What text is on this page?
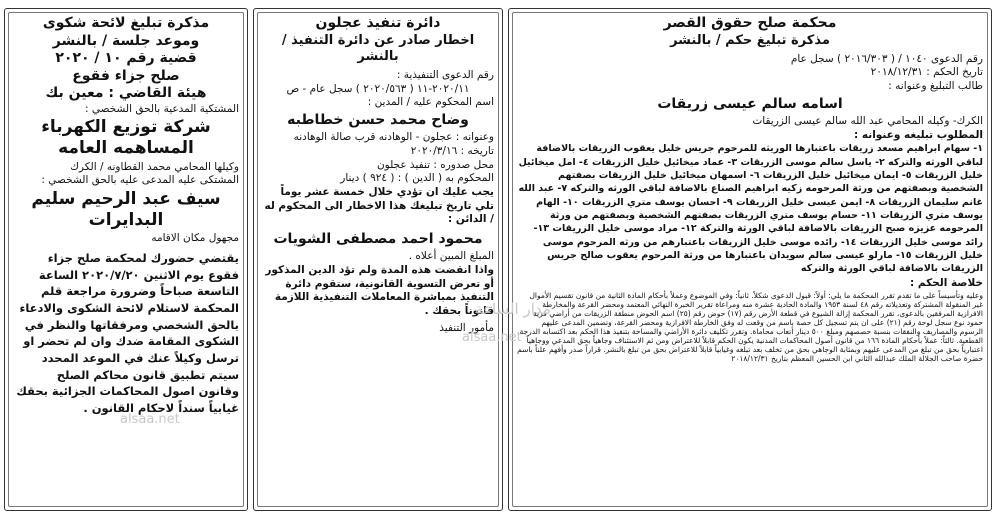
محكمة صلح حقوق القصر

مذكرة تبليغ حكم / بالنشر

رقم الدعوى ١٠٤٠ / ( ٢٠١٦/٣٠٣ ) سجل عام

تاريخ الحكم : ٢٠١٨/١٢/٣١

طالب التبليغ وعنوانه :

اسامه سالم عيسى زريقات

الكرك- وكيله المحامي عبد الله سالم عيسى الزريقات

المطلوب تبليغه وعنوانه :

١- سهام ابراهيم مسعد زريقات باعتبارها الوريثه للمرحوم جريس خليل يعقوب الزريقات بالاضافة لباقي الورثه والتركه ٢- ياسل سالم موسى الزريقات ٣- عماد ميخائيل خليل الزريقات ٤- امل ميخائيل خليل الزريقات ٥- ايمان ميخائيل خليل الزريقات ٦- اسمهان ميخائيل خليل الزريقات بصفتهم الشخصية وبصفتهم من ورثة المرحومه زكيه ابراهيم الصناع بالاضافة لباقي الورثه والتركه ٧- عبد الله غانم سليمان الزريقات ٨- ايمن عيسى خليل الزريقات ٩- احسان يوسف متري الزريقات ١٠- الهام يوسف متري الزريقات ١١- حسام يوسف متري الزريقات بصفتهم الشخصية وبصفتهم من ورثة المرحومه عزيزه صبح الزريقات بالاضافة لباقي الورثة والتركة ١٢- مراد موسى خليل الزريقات ١٣- رائد موسى خليل الزريقات ١٤- رائده موسى خليل الزريقات باعتبارهم من ورثه المرحوم موسى خليل الزريقات ١٥- مارلو عيسى سالم سويدان باعتبارها من ورثة المرحوم يعقوب صالح جريس الزريقات بالاضافة لباقي الورثة والتركه

خلاصة الحكم :

وعليه وتأسيساً على ما تقدم تقرر المحكمة ما يلي: أولاً: قبول الدعوى شكلاً. ثانياً: وفي الموضوع وعملاً بأحكام المادة الثانية من قانون تقسيم الأموال غير المنقولة المشتركة وتعديلاته رقم ٤٨ لسنة ١٩٥٣ والمادة الحادية عشرة منه ومراعاة تقرير الخبرة النهائي المعتمد ومحضر القرعة والمخارطة الافرازية المرفقين بالدعوى، تقرر المحكمة إزالة الشيوع في قطعة الأرض رقم (١٧) حوض رقم (٢٥) اسم الحوض منطقة الزريقات من أراضي قرية حمود نوع سجل لوحة رقم (٢١) على ان يتم تسجيل كل حصة باسم من وقعت له وفق الخارطة الافرازية ومحضر القرعة، وتضمين المدعى عليهم الرسوم والمصاريف والنفقات بنسبة حصصهم ومبلغ ٥٠٠ دينار أتعاب محاماة. وتقرر تكليف دائرة الأراضي والمساحة بتنفيذ هذا الحكم بعد اكتسابه الدرجة القطعية. ثالثاً: عملاً بأحكام المادة ١٦٦ من قانون أصول المحاكمات المدنية يكون الحكم قابلاً للاعتراض ومن ثم الاستئناف وجاهياً بحق المدعي ووجاهياً اعتبارياً بحق من تبلغ من المدعى عليهم وبمثابة الوجاهي بحق من تخلف بعد تبلغه وغيابياً قابلاً للاعتراض بحق من تبلغ بالنشر. قراراً صدر وأفهم علناً باسم حضرة صاحب الجلالة الملك عبدالله الثاني ابن الحسين المعظم بتاريخ ٢٠١٨/١٢/٣١

دائرة تنفيذ عجلون

اخطار صادر عن دائرة التنفيذ / بالنشر

رقم الدعوى التنفيذية :

٢٠٢٠/١١-١١ ( ٢٠٢٠/٥٦٣ ) سجل عام - ص

اسم المحكوم عليه / المدين :

وضاح محمد حسن خطاطبه

وعنوانه : عجلون - الوهادنه قرب صالة الوهادنه

تاريخه : ٢٠٢٠/٣/١٦

محل صدوره : تنفيذ عجلون

المحكوم به ( الدين ) : ( ٩٢٤ ) دينار

يجب عليك ان تؤدي خلال خمسة عشر يوماً تلي تاريخ تبليغك هذا الاخطار الى المحكوم له / الدائن :

محمود احمد مصطفى الشويات

المبلغ المبين أعلاه .

واذا انقضت هذه المدة ولم تؤد الدين المذكور أو تعرض التسوية القانونية، ستقوم دائرة التنفيذ بمباشرة المعاملات التنفيذية اللازمة قانوناً بحقك .

مأمور التنفيذ

مذكرة تبليغ لائحة شكوى

وموعد جلسة / بالنشر

قضية رقم ١٠ / ٢٠٢٠

صلح جزاء فقوع

هيئة القاضي : معين بك

المشتكية المدعية بالحق الشخصي :

شركة توزيع الكهرباء المساهمه العامه

وكيلها المحامي محمد القطاونه / الكرك

المشتكى عليه المدعى عليه بالحق الشخصي :

سيف عبد الرحيم سليم البدايرات

مجهول مكان الاقامه

يقتضي حضورك لمحكمة صلح جزاء فقوع يوم الاثنين ٢٠٢٠/٧/٢٠ الساعة التاسعة صباحاً وضرورة مراجعة قلم المحكمة لاستلام لائحة الشكوى والادعاء بالحق الشخصي ومرفقاتها والنظر في الشكوى المقامة ضدك وان لم تحضر او ترسل وكيلاً عنك في الموعد المحدد سيتم تطبيق قانون محاكم الصلح وقانون اصول المحاكمات الجزائية بحقك غيابياً سنداً لاحكام القانون .

مدار الساعة
alsaa.net
alsaa.net
